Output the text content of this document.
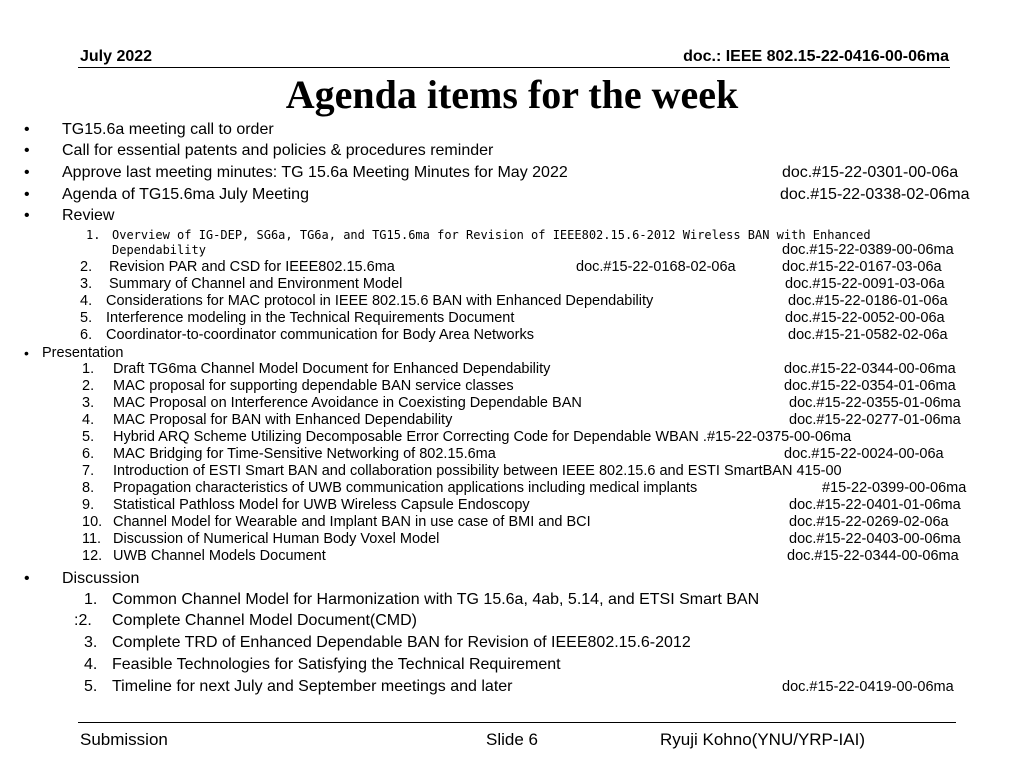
July 2022	doc.: IEEE 802.15-22-0416-00-06ma
Agenda items for the week
• TG15.6a meeting call to order
• Call for essential patents and policies & procedures reminder
• Approve last meeting minutes: TG 15.6a Meeting Minutes for May 2022	doc.#15-22-0301-00-06a
• Agenda of TG15.6ma July Meeting	doc.#15-22-0338-02-06ma
• Review
1. Overview of IG-DEP, SG6a, TG6a, and TG15.6ma for Revision of IEEE802.15.6-2012 Wireless BAN with Enhanced
Dependability	doc.#15-22-0389-00-06ma
2. Revision PAR and CSD for IEEE802.15.6ma	doc.#15-22-0168-02-06a	doc.#15-22-0167-03-06a
3. Summary of Channel and Environment Model	doc.#15-22-0091-03-06a
4. Considerations for MAC protocol in IEEE 802.15.6 BAN with Enhanced Dependability	doc.#15-22-0186-01-06a
5. Interference modeling in the Technical Requirements Document	doc.#15-22-0052-00-06a
6. Coordinator-to-coordinator communication for Body Area Networks	doc.#15-21-0582-02-06a
• Presentation
1. Draft TG6ma Channel Model Document for Enhanced Dependability	doc.#15-22-0344-00-06ma
2. MAC proposal for supporting dependable BAN service classes	doc.#15-22-0354-01-06ma
3. MAC Proposal on Interference Avoidance in Coexisting Dependable BAN	doc.#15-22-0355-01-06ma
4. MAC Proposal for BAN with Enhanced Dependability	doc.#15-22-0277-01-06ma
5. Hybrid ARQ Scheme Utilizing Decomposable Error Correcting Code for Dependable WBAN .#15-22-0375-00-06ma
6. MAC Bridging for Time-Sensitive Networking of 802.15.6ma	doc.#15-22-0024-00-06a
7. Introduction of ESTI Smart BAN and collaboration possibility between IEEE 802.15.6 and ESTI SmartBAN 415-00
8. Propagation characteristics of UWB communication applications including medical implants	#15-22-0399-00-06ma
9. Statistical Pathloss Model for UWB Wireless Capsule Endoscopy	doc.#15-22-0401-01-06ma
10. Channel Model for Wearable and Implant BAN in use case of BMI and BCI	doc.#15-22-0269-02-06a
11. Discussion of Numerical Human Body Voxel Model	doc.#15-22-0403-00-06ma
12. UWB Channel Models Document	doc.#15-22-0344-00-06ma
• Discussion
1. Common Channel Model for Harmonization with TG 15.6a, 4ab, 5.14, and ETSI Smart BAN
:2. Complete Channel Model Document(CMD)
3. Complete TRD of Enhanced Dependable BAN for Revision of IEEE802.15.6-2012
4. Feasible Technologies for Satisfying the Technical Requirement
5. Timeline for next July and September meetings and later	doc.#15-22-0419-00-06ma
Submission	Slide 6	Ryuji Kohno(YNU/YRP-IAI)
